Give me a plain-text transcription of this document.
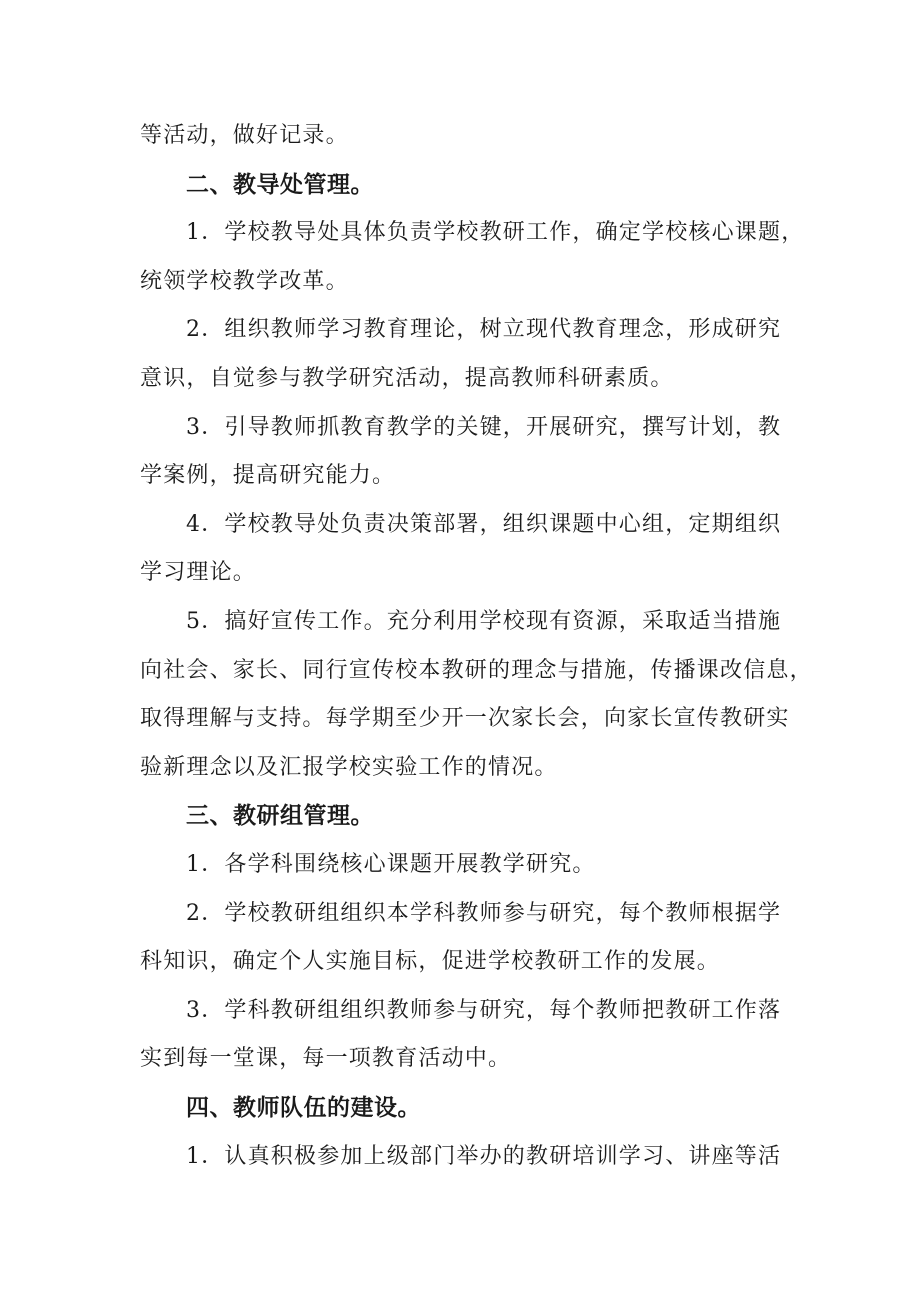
等活动，做好记录。
二、教导处管理。
1．学校教导处具体负责学校教研工作，确定学校核心课题，
统领学校教学改革。
2．组织教师学习教育理论，树立现代教育理念，形成研究
意识，自觉参与教学研究活动，提高教师科研素质。
3．引导教师抓教育教学的关键，开展研究，撰写计划，教
学案例，提高研究能力。
4．学校教导处负责决策部署，组织课题中心组，定期组织
学习理论。
5．搞好宣传工作。充分利用学校现有资源，采取适当措施
向社会、家长、同行宣传校本教研的理念与措施，传播课改信息，
取得理解与支持。每学期至少开一次家长会，向家长宣传教研实
验新理念以及汇报学校实验工作的情况。
三、教研组管理。
1．各学科围绕核心课题开展教学研究。
2．学校教研组组织本学科教师参与研究，每个教师根据学
科知识，确定个人实施目标，促进学校教研工作的发展。
3．学科教研组组织教师参与研究，每个教师把教研工作落
实到每一堂课，每一项教育活动中。
四、教师队伍的建设。
1．认真积极参加上级部门举办的教研培训学习、讲座等活
